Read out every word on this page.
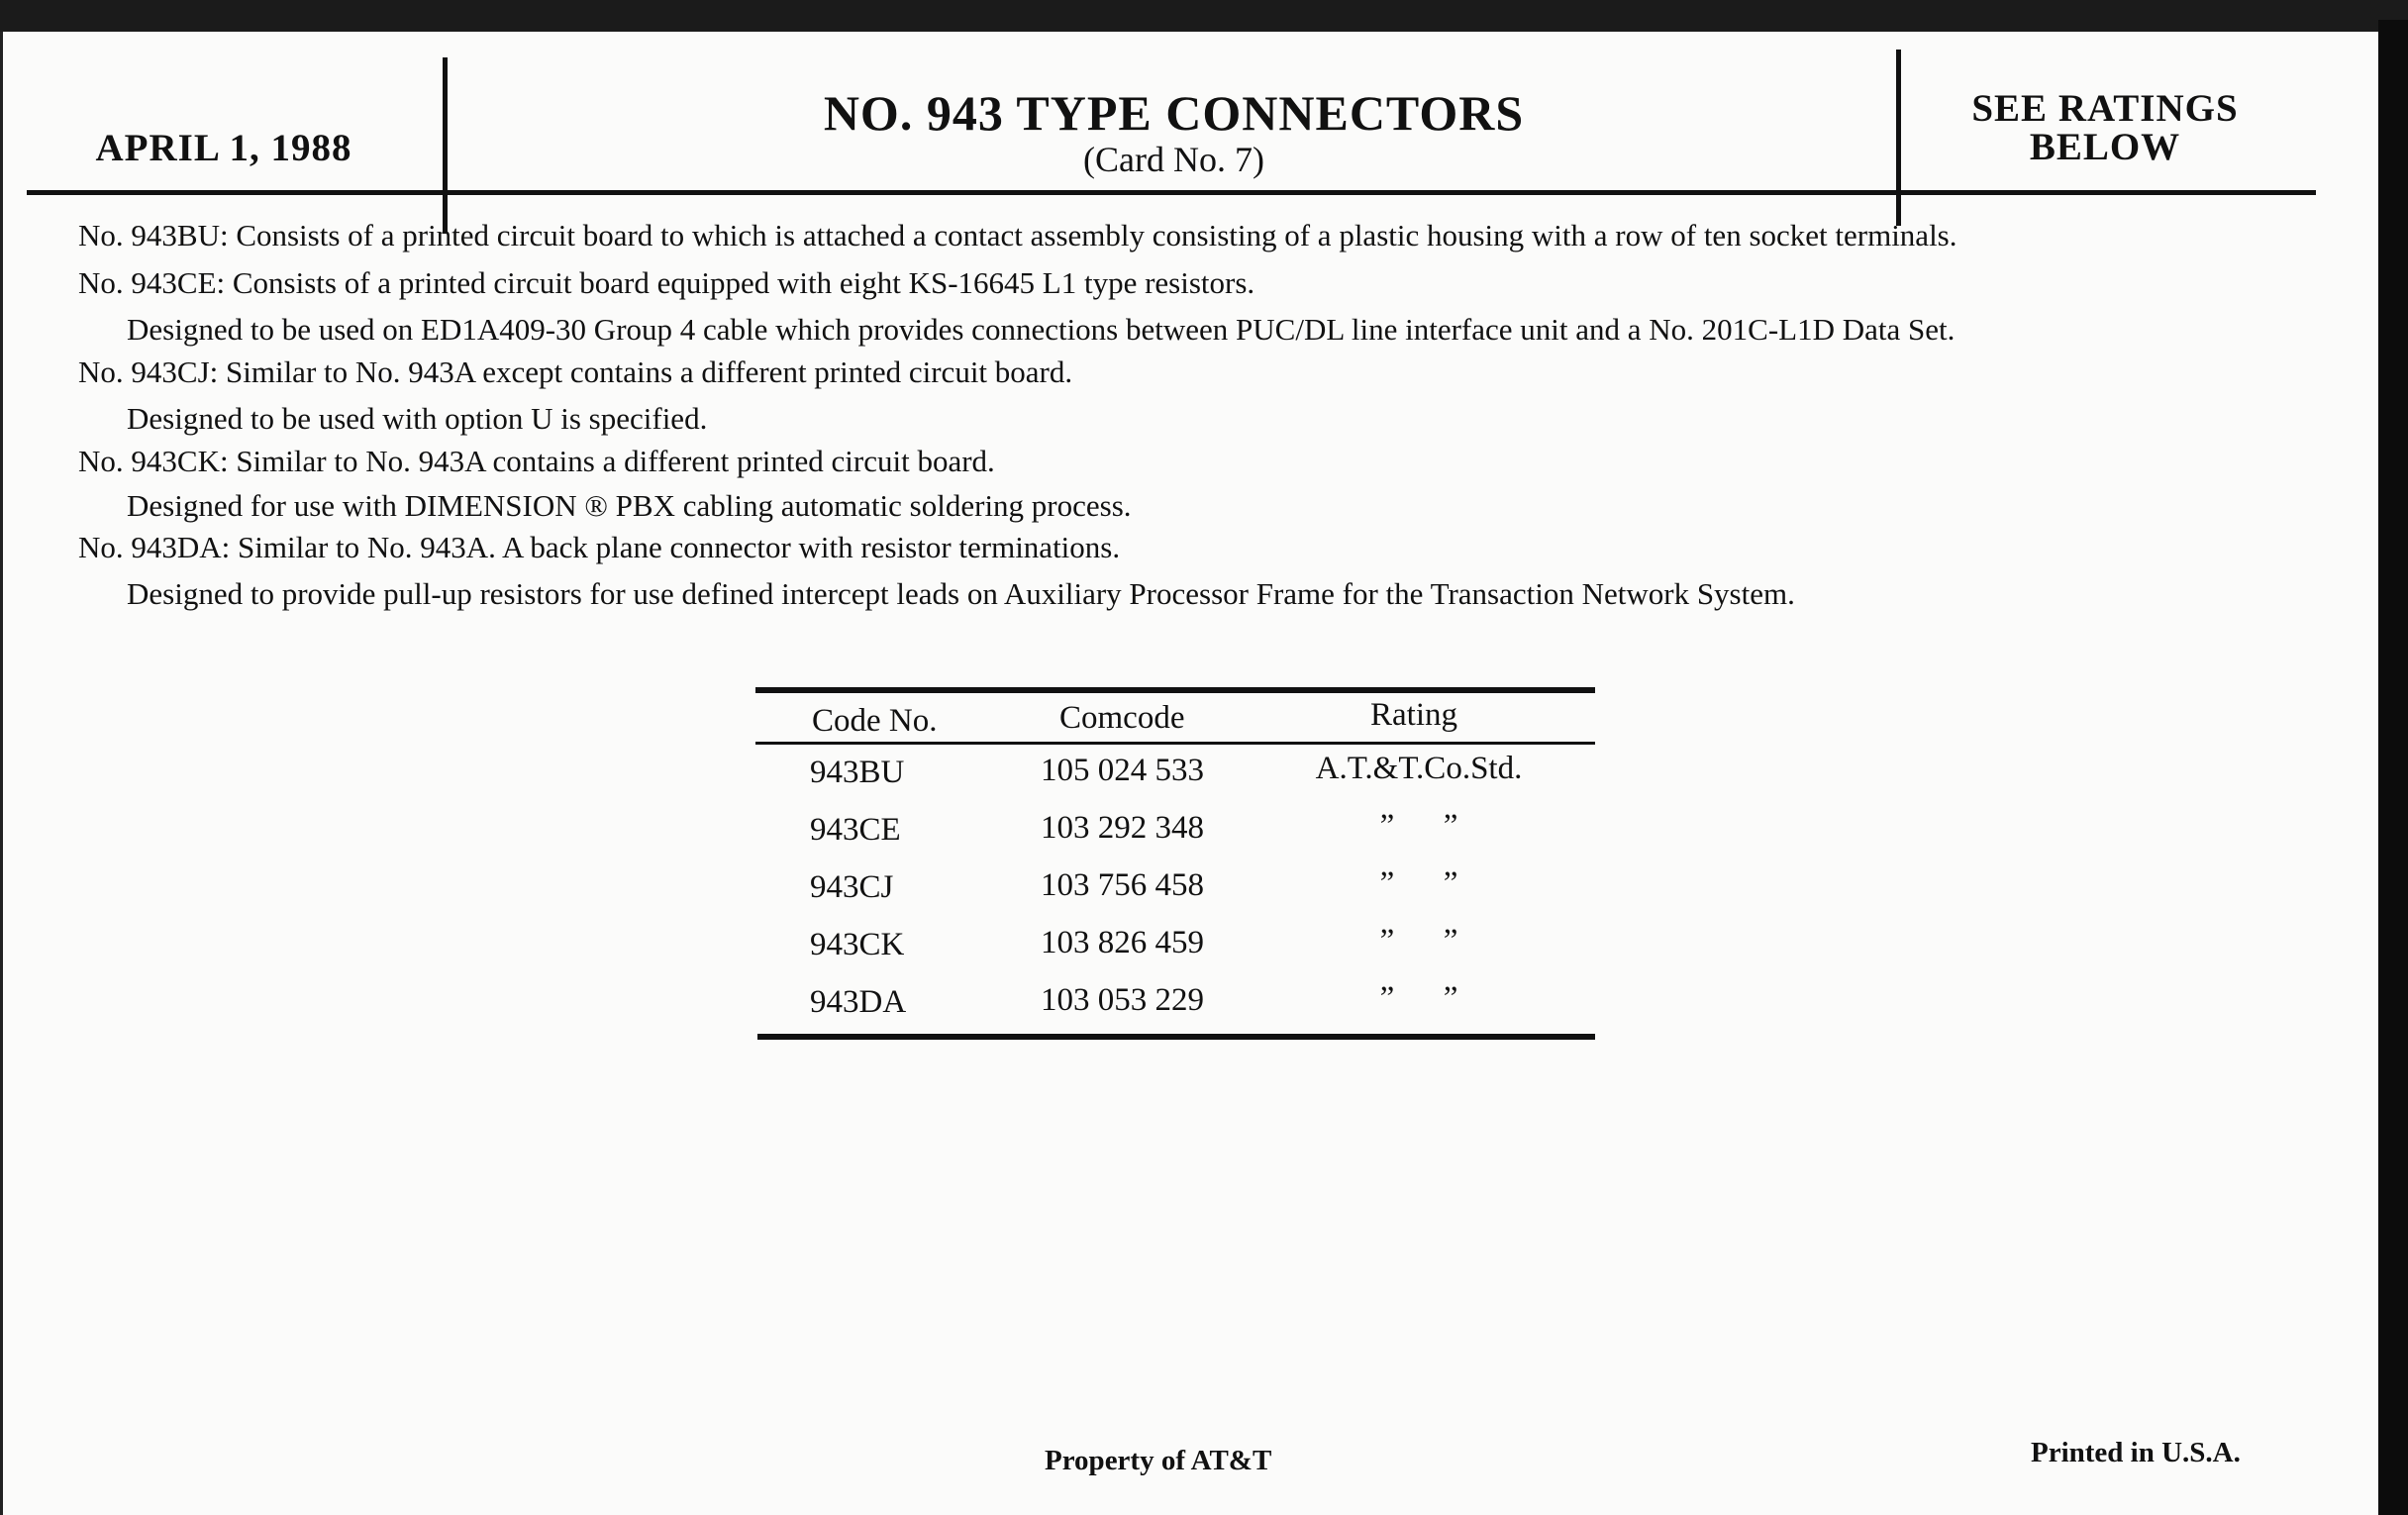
APRIL 1, 1988
NO. 943 TYPE CONNECTORS
(Card No. 7)
SEE RATINGS
BELOW
No. 943BU: Consists of a printed circuit board to which is attached a contact assembly consisting of a plastic housing with a row of ten socket terminals.
No. 943CE: Consists of a printed circuit board equipped with eight KS-16645 L1 type resistors.
Designed to be used on ED1A409-30 Group 4 cable which provides connections between PUC/DL line interface unit and a No. 201C-L1D Data Set.
No. 943CJ: Similar to No. 943A except contains a different printed circuit board.
Designed to be used with option U is specified.
No. 943CK: Similar to No. 943A contains a different printed circuit board.
Designed for use with DIMENSION ® PBX cabling automatic soldering process.
No. 943DA: Similar to No. 943A. A back plane connector with resistor terminations.
Designed to provide pull-up resistors for use defined intercept leads on Auxiliary Processor Frame for the Transaction Network System.
Code No.	Comcode	Rating
943BU	105 024 533	A.T.&T.Co.Std.
943CE	103 292 348	”      ”
943CJ	103 756 458	”      ”
943CK	103 826 459	”      ”
943DA	103 053 229	”      ”
Property of AT&T	Printed in U.S.A.
